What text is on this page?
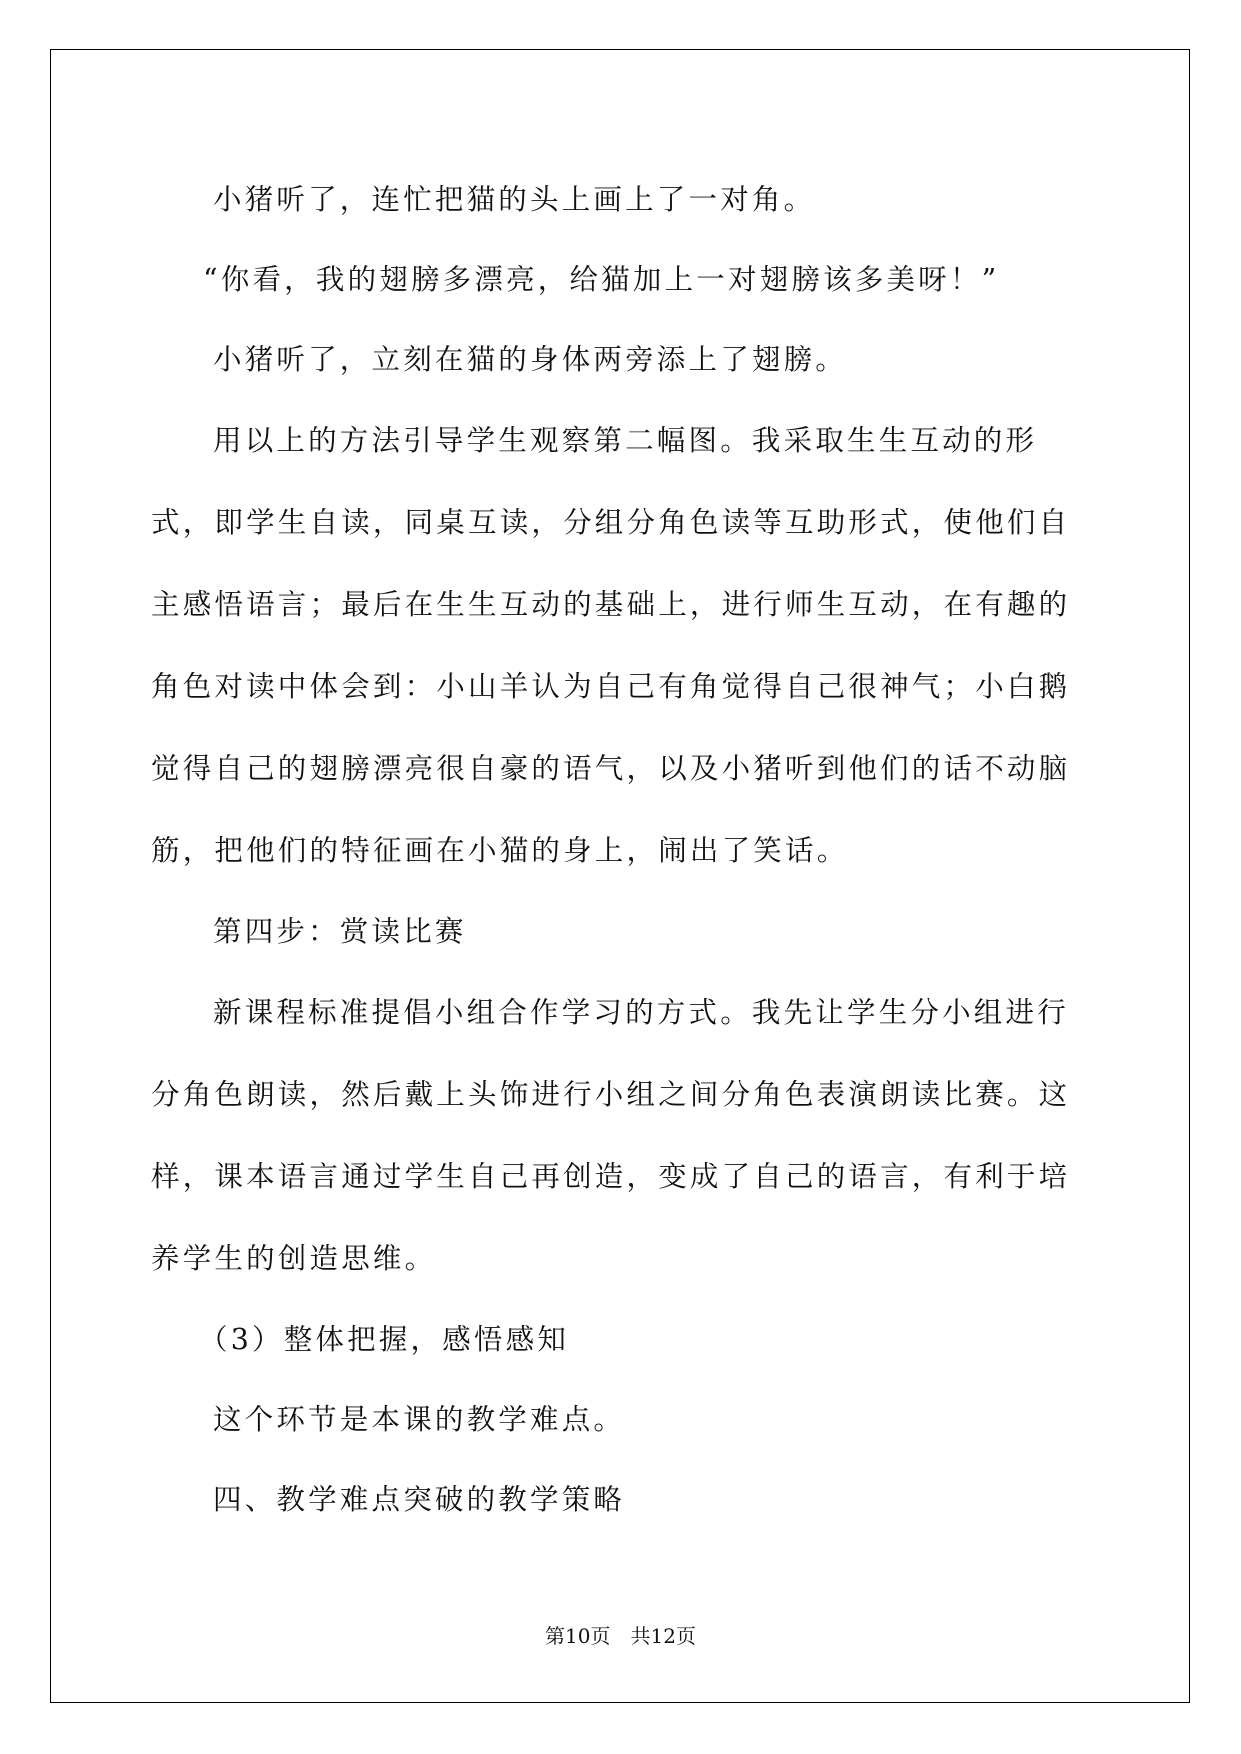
小猪听了，连忙把猫的头上画上了一对角。

“你看，我的翅膀多漂亮，给猫加上一对翅膀该多美呀！”

小猪听了，立刻在猫的身体两旁添上了翅膀。

用以上的方法引导学生观察第二幅图。我采取生生互动的形式，即学生自读，同桌互读，分组分角色读等互助形式，使他们自主感悟语言；最后在生生互动的基础上，进行师生互动，在有趣的角色对读中体会到：小山羊认为自己有角觉得自己很神气；小白鹅觉得自己的翅膀漂亮很自豪的语气，以及小猪听到他们的话不动脑筋，把他们的特征画在小猫的身上，闹出了笑话。

第四步：赏读比赛

新课程标准提倡小组合作学习的方式。我先让学生分小组进行分角色朗读，然后戴上头饰进行小组之间分角色表演朗读比赛。这样，课本语言通过学生自己再创造，变成了自己的语言，有利于培养学生的创造思维。

（3）整体把握，感悟感知

这个环节是本课的教学难点。

四、教学难点突破的教学策略

第10页　共12页
